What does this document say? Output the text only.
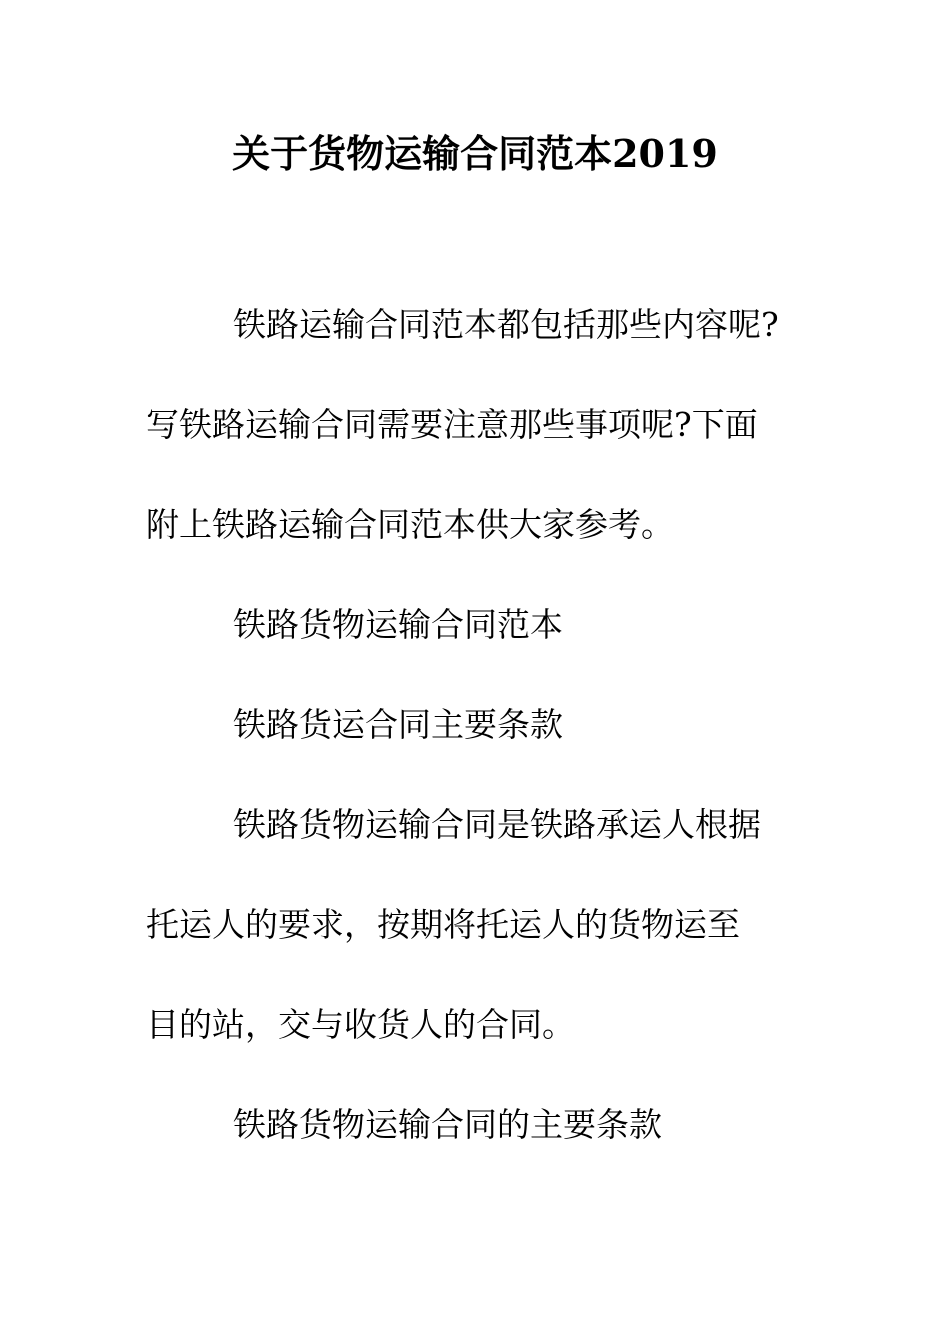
关于货物运输合同范本2019

铁路运输合同范本都包括那些内容呢?

写铁路运输合同需要注意那些事项呢?下面

附上铁路运输合同范本供大家参考。

铁路货物运输合同范本

铁路货运合同主要条款

铁路货物运输合同是铁路承运人根据

托运人的要求，按期将托运人的货物运至

目的站，交与收货人的合同。

铁路货物运输合同的主要条款
